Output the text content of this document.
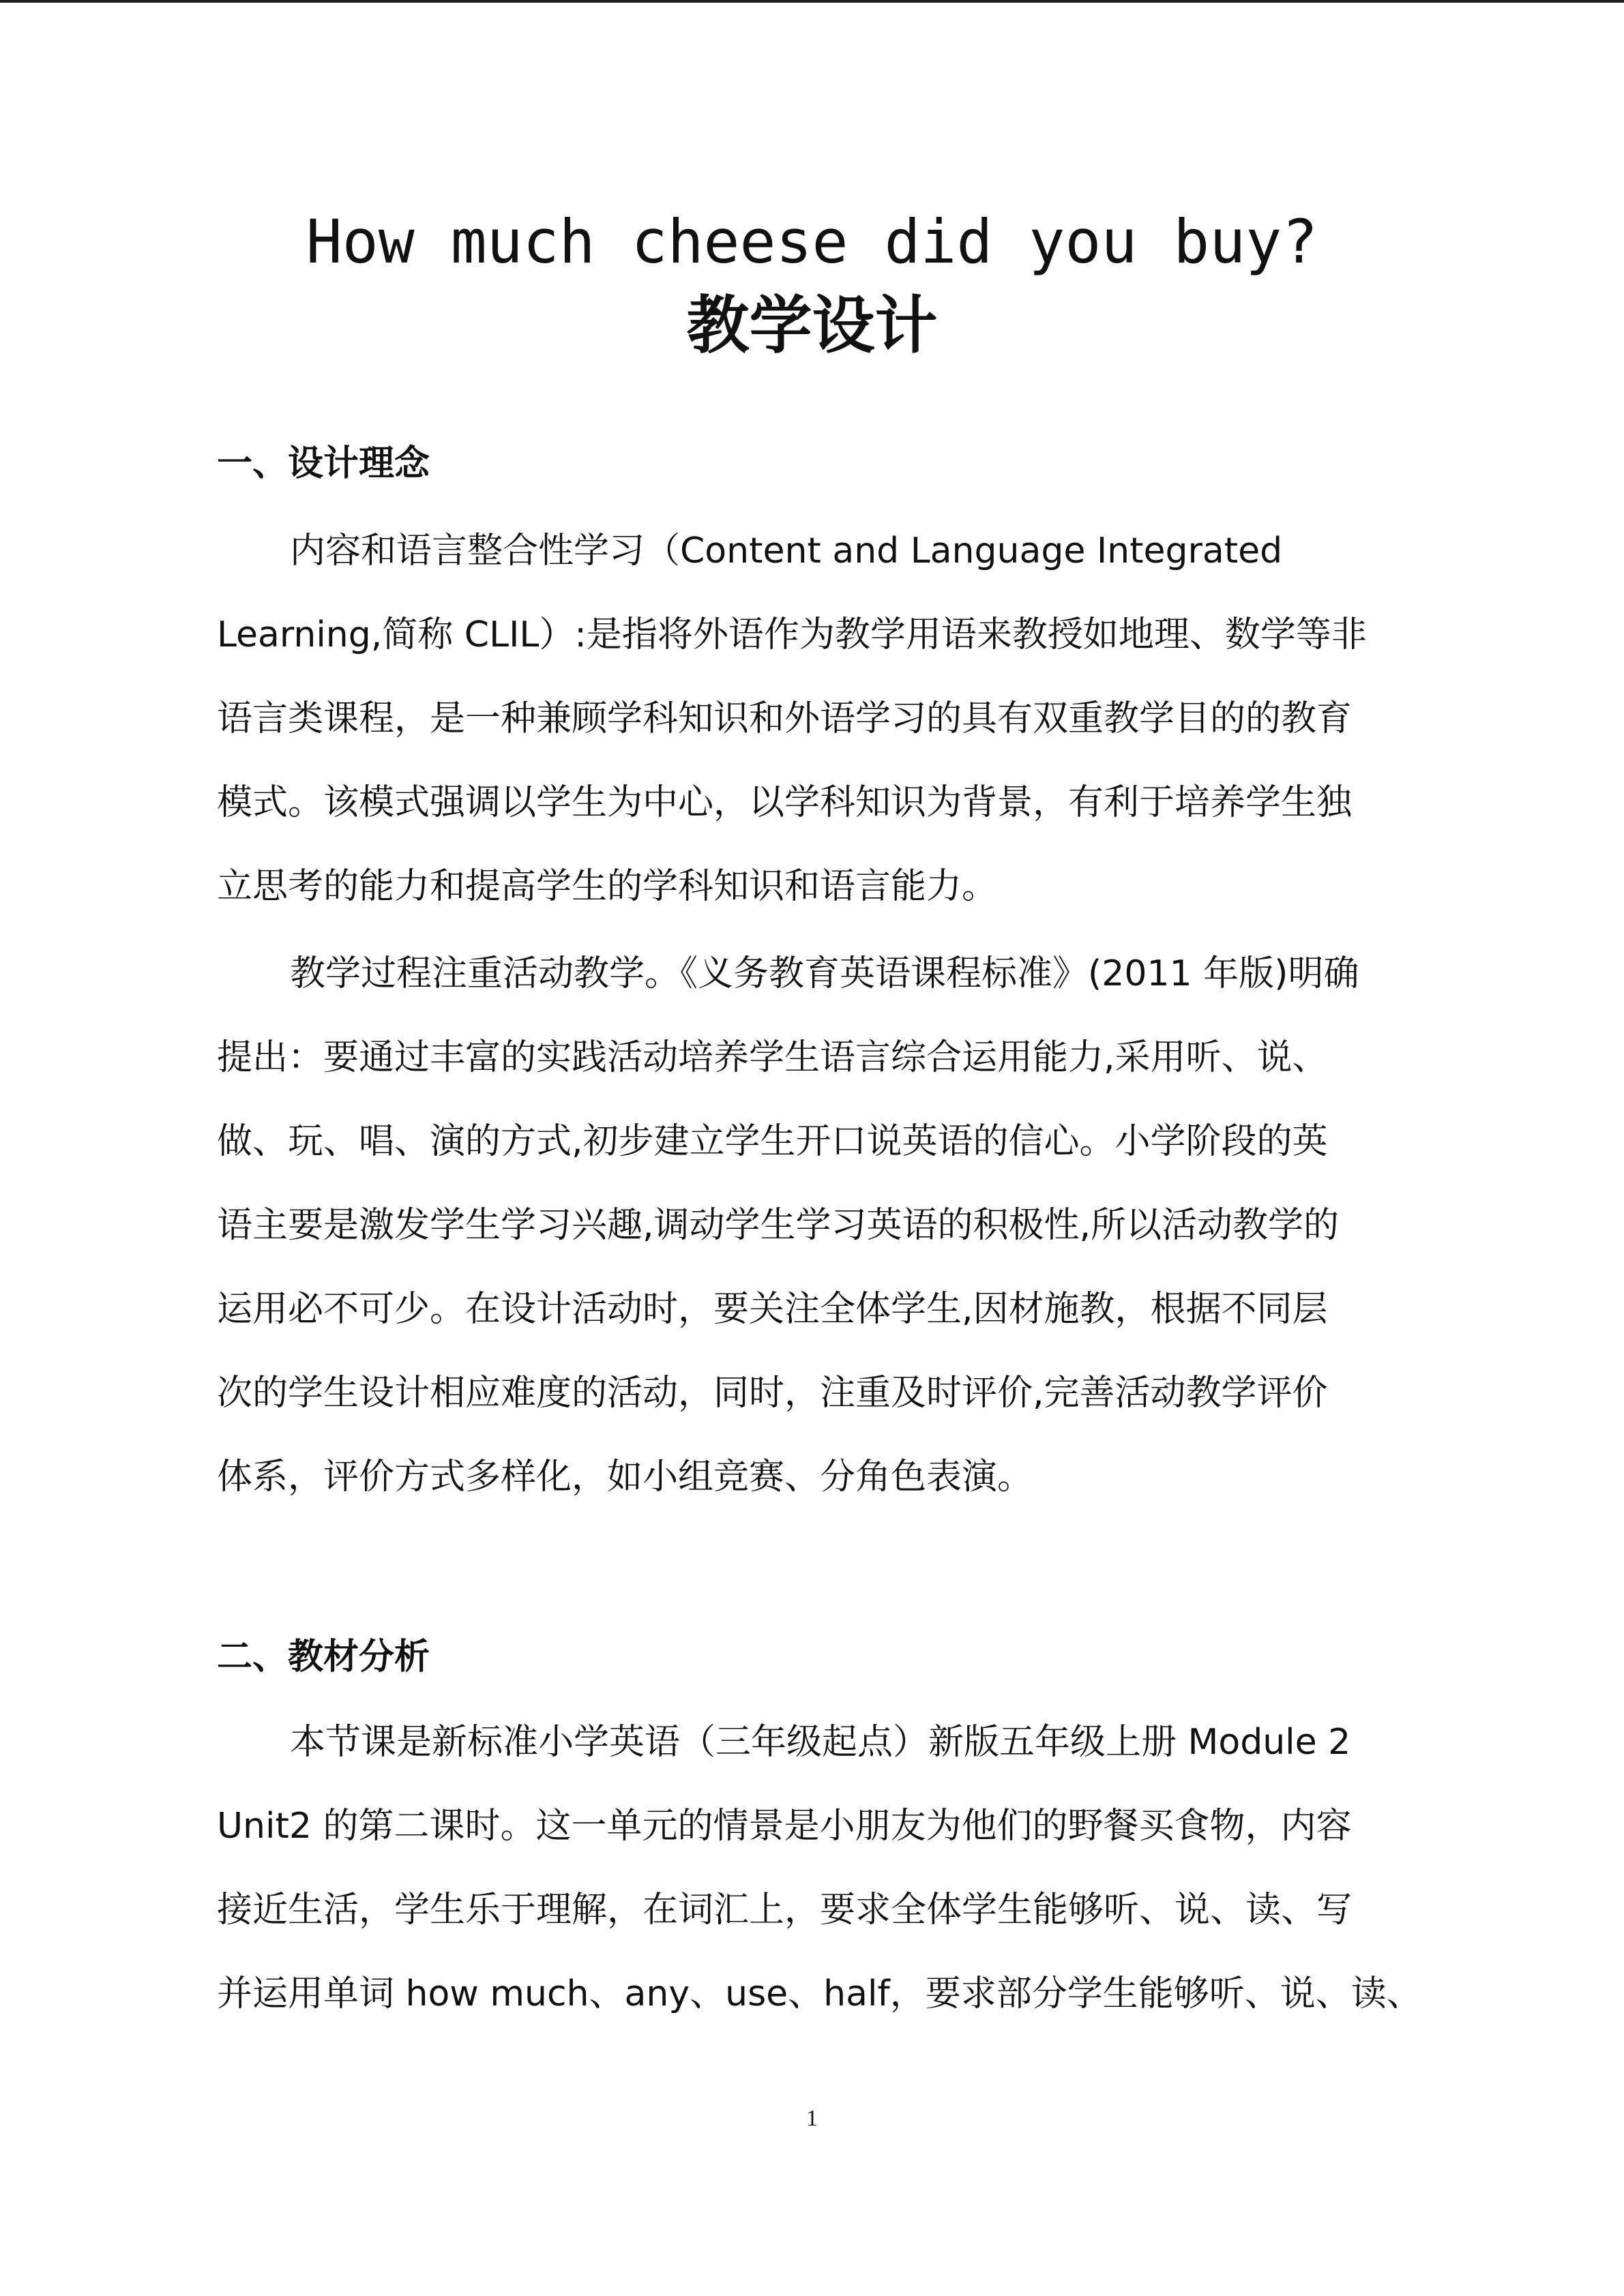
How much cheese did you buy?
教学设计
一、设计理念

内容和语言整合性学习（Content and Language Integrated

Learning,简称 CLIL）:是指将外语作为教学用语来教授如地理、数学等非

语言类课程，是一种兼顾学科知识和外语学习的具有双重教学目的的教育

模式。该模式强调以学生为中心，以学科知识为背景，有利于培养学生独

立思考的能力和提高学生的学科知识和语言能力。

教学过程注重活动教学。《义务教育英语课程标准》(2011 年版)明确

提出：要通过丰富的实践活动培养学生语言综合运用能力,采用听、说、

做、玩、唱、演的方式,初步建立学生开口说英语的信心。小学阶段的英

语主要是激发学生学习兴趣,调动学生学习英语的积极性,所以活动教学的

运用必不可少。在设计活动时，要关注全体学生,因材施教，根据不同层

次的学生设计相应难度的活动，同时，注重及时评价,完善活动教学评价

体系，评价方式多样化，如小组竞赛、分角色表演。

二、教材分析

本节课是新标准小学英语（三年级起点）新版五年级上册 Module 2

Unit2 的第二课时。这一单元的情景是小朋友为他们的野餐买食物，内容

接近生活，学生乐于理解，在词汇上，要求全体学生能够听、说、读、写

并运用单词 how much、any、use、half，要求部分学生能够听、说、读、

1
